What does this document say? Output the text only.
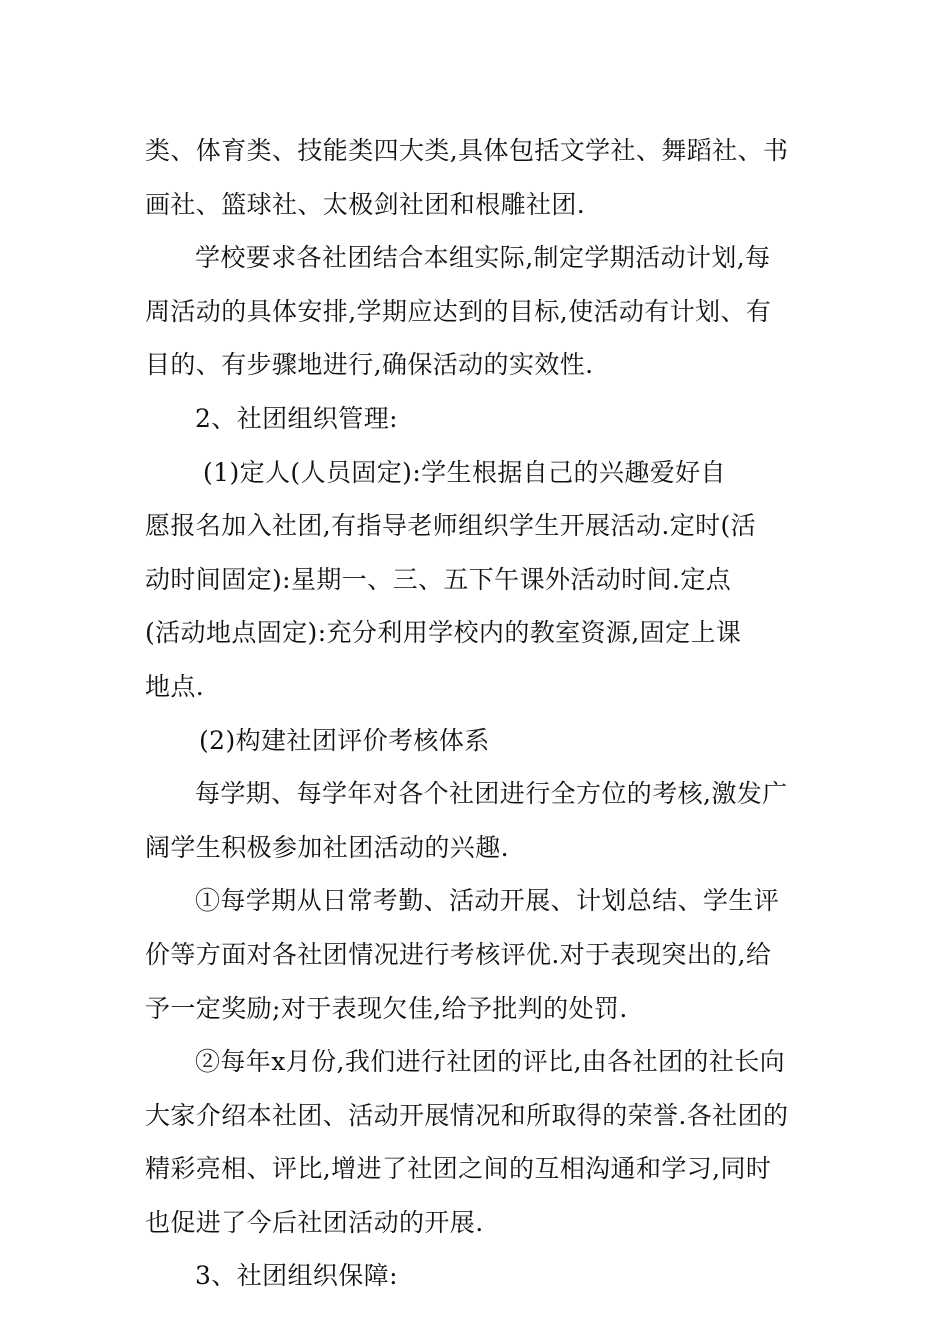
类、体育类、技能类四大类,具体包括文学社、舞蹈社、书
画社、篮球社、太极剑社团和根雕社团.
学校要求各社团结合本组实际,制定学期活动计划,每
周活动的具体安排,学期应达到的目标,使活动有计划、有
目的、有步骤地进行,确保活动的实效性.
2、社团组织管理:
(1)定人(人员固定):学生根据自己的兴趣爱好自
愿报名加入社团,有指导老师组织学生开展活动.定时(活
动时间固定):星期一、三、五下午课外活动时间.定点
(活动地点固定):充分利用学校内的教室资源,固定上课
地点.
(2)构建社团评价考核体系
每学期、每学年对各个社团进行全方位的考核,激发广
阔学生积极参加社团活动的兴趣.
①每学期从日常考勤、活动开展、计划总结、学生评
价等方面对各社团情况进行考核评优.对于表现突出的,给
予一定奖励;对于表现欠佳,给予批判的处罚.
②每年x月份,我们进行社团的评比,由各社团的社长向
大家介绍本社团、活动开展情况和所取得的荣誉.各社团的
精彩亮相、评比,增进了社团之间的互相沟通和学习,同时
也促进了今后社团活动的开展.
3、社团组织保障:
